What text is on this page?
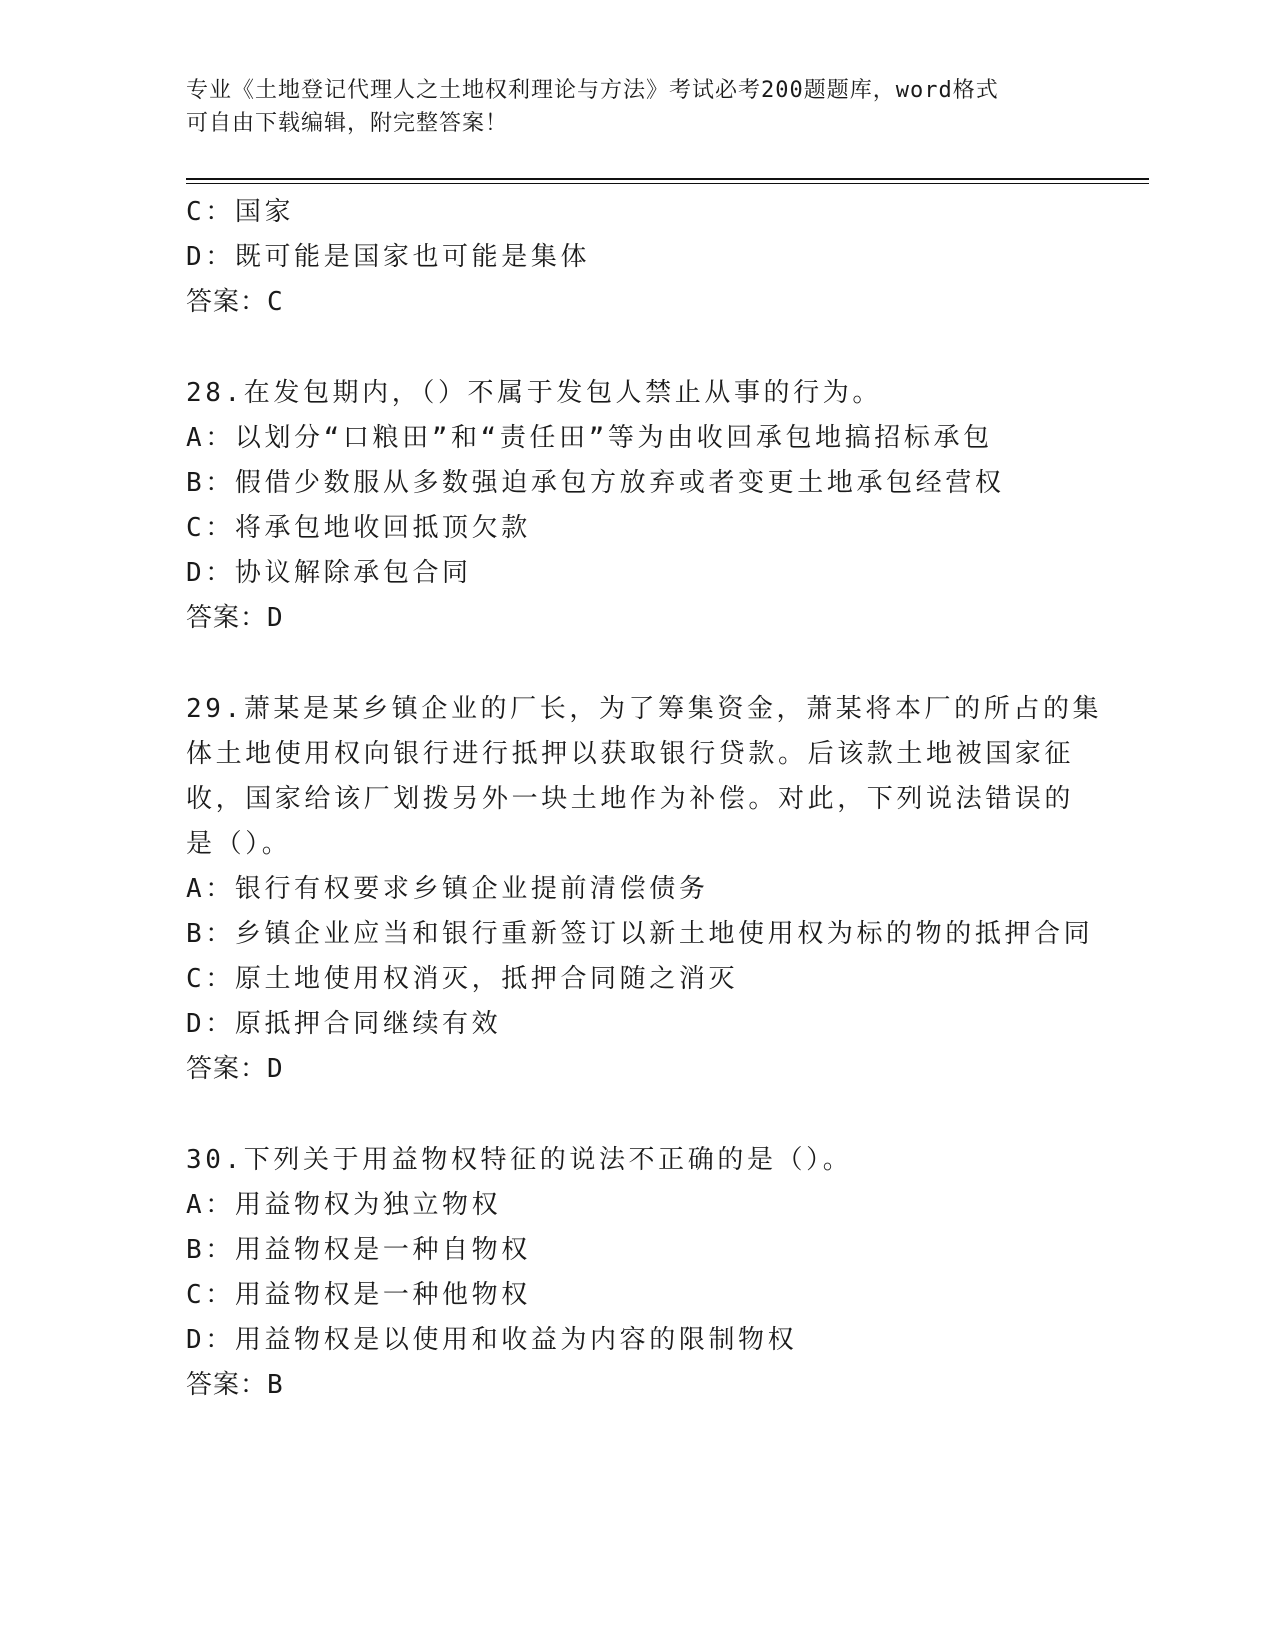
专业《土地登记代理人之土地权利理论与方法》考试必考200题题库，word格式
可自由下载编辑，附完整答案！
C：国家
D：既可能是国家也可能是集体
答案：C
28.在发包期内，（）不属于发包人禁止从事的行为。
A：以划分“口粮田”和“责任田”等为由收回承包地搞招标承包
B：假借少数服从多数强迫承包方放弃或者变更土地承包经营权
C：将承包地收回抵顶欠款
D：协议解除承包合同
答案：D
29.萧某是某乡镇企业的厂长，为了筹集资金，萧某将本厂的所占的集
体土地使用权向银行进行抵押以获取银行贷款。后该款土地被国家征
收，国家给该厂划拨另外一块土地作为补偿。对此，下列说法错误的
是（）。
A：银行有权要求乡镇企业提前清偿债务
B：乡镇企业应当和银行重新签订以新土地使用权为标的物的抵押合同
C：原土地使用权消灭，抵押合同随之消灭
D：原抵押合同继续有效
答案：D
30.下列关于用益物权特征的说法不正确的是（）。
A：用益物权为独立物权
B：用益物权是一种自物权
C：用益物权是一种他物权
D：用益物权是以使用和收益为内容的限制物权
答案：B
